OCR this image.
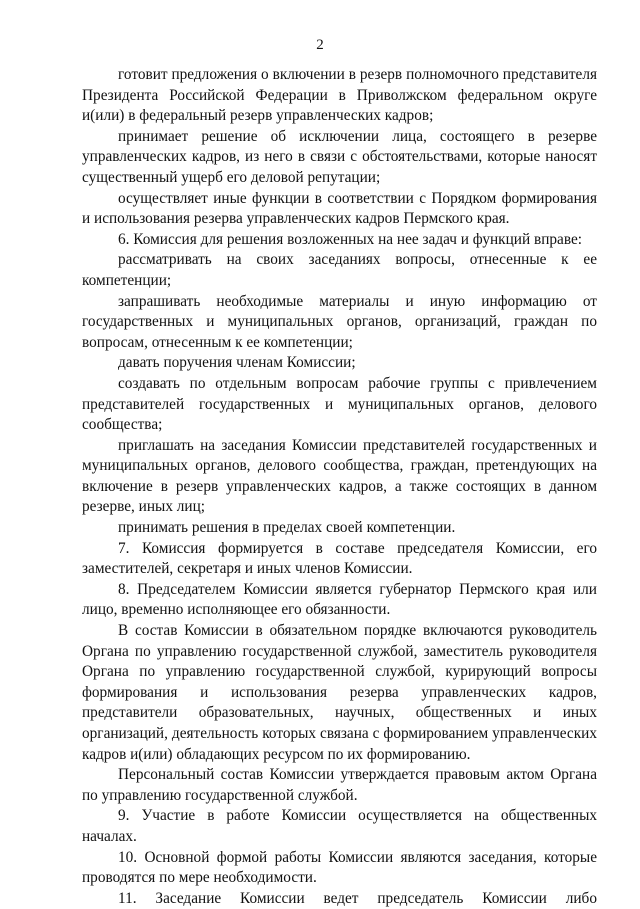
2

готовит предложения о включении в резерв полномочного представителя Президента Российской Федерации в Приволжском федеральном округе и(или) в федеральный резерв управленческих кадров;

принимает решение об исключении лица, состоящего в резерве управленческих кадров, из него в связи с обстоятельствами, которые наносят существенный ущерб его деловой репутации;

осуществляет иные функции в соответствии с Порядком формирования и использования резерва управленческих кадров Пермского края.

6. Комиссия для решения возложенных на нее задач и функций вправе:

рассматривать на своих заседаниях вопросы, отнесенные к ее компетенции;

запрашивать необходимые материалы и иную информацию от государственных и муниципальных органов, организаций, граждан по вопросам, отнесенным к ее компетенции;

давать поручения членам Комиссии;

создавать по отдельным вопросам рабочие группы с привлечением представителей государственных и муниципальных органов, делового сообщества;

приглашать на заседания Комиссии представителей государственных и муниципальных органов, делового сообщества, граждан, претендующих на включение в резерв управленческих кадров, а также состоящих в данном резерве, иных лиц;

принимать решения в пределах своей компетенции.

7. Комиссия формируется в составе председателя Комиссии, его заместителей, секретаря и иных членов Комиссии.

8. Председателем Комиссии является губернатор Пермского края или лицо, временно исполняющее его обязанности.

В состав Комиссии в обязательном порядке включаются руководитель Органа по управлению государственной службой, заместитель руководителя Органа по управлению государственной службой, курирующий вопросы формирования и использования резерва управленческих кадров, представители образовательных, научных, общественных и иных организаций, деятельность которых связана с формированием управленческих кадров и(или) обладающих ресурсом по их формированию.

Персональный состав Комиссии утверждается правовым актом Органа по управлению государственной службой.

9. Участие в работе Комиссии осуществляется на общественных началах.

10. Основной формой работы Комиссии являются заседания, которые проводятся по мере необходимости.

11. Заседание Комиссии ведет председатель Комиссии либо
